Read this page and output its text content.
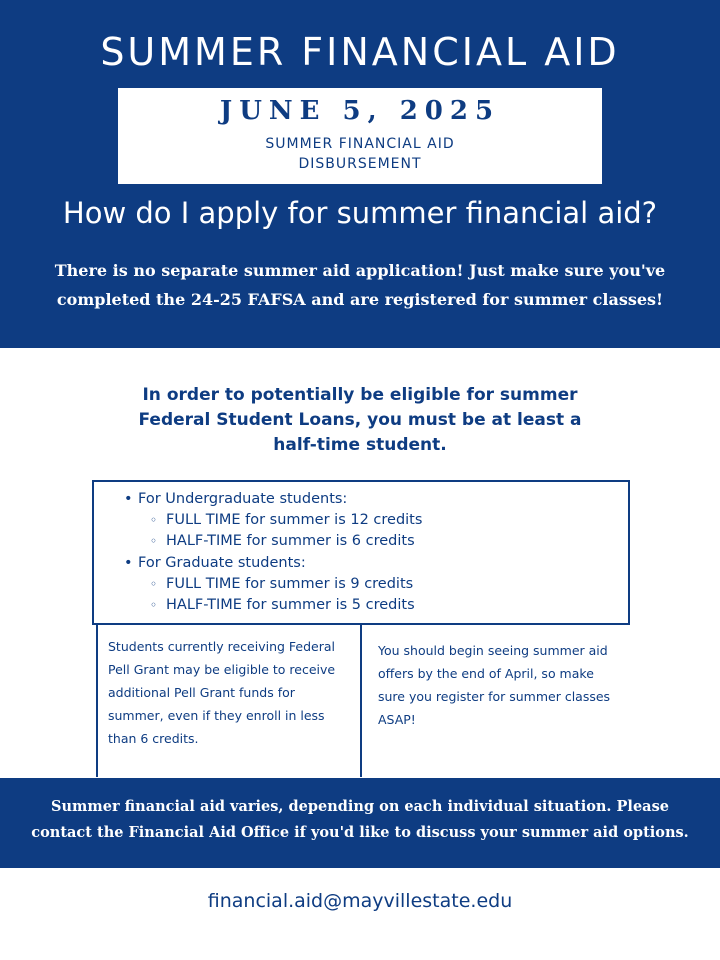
SUMMER FINANCIAL AID
JUNE 5, 2025
SUMMER FINANCIAL AID
DISBURSEMENT
How do I apply for summer financial aid?
There is no separate summer aid application! Just make sure you've
completed the 24-25 FAFSA and are registered for summer classes!
In order to potentially be eligible for summer
Federal Student Loans, you must be at least a
half-time student.
• For Undergraduate students:
◦ FULL TIME for summer is 12 credits
◦ HALF-TIME for summer is 6 credits
• For Graduate students:
◦ FULL TIME for summer is 9 credits
◦ HALF-TIME for summer is 5 credits
Students currently receiving Federal Pell Grant may be eligible to receive additional Pell Grant funds for summer, even if they enroll in less than 6 credits.
You should begin seeing summer aid offers by the end of April, so make sure you register for summer classes ASAP!
Summer financial aid varies, depending on each individual situation. Please
contact the Financial Aid Office if you'd like to discuss your summer aid options.
financial.aid@mayvillestate.edu
